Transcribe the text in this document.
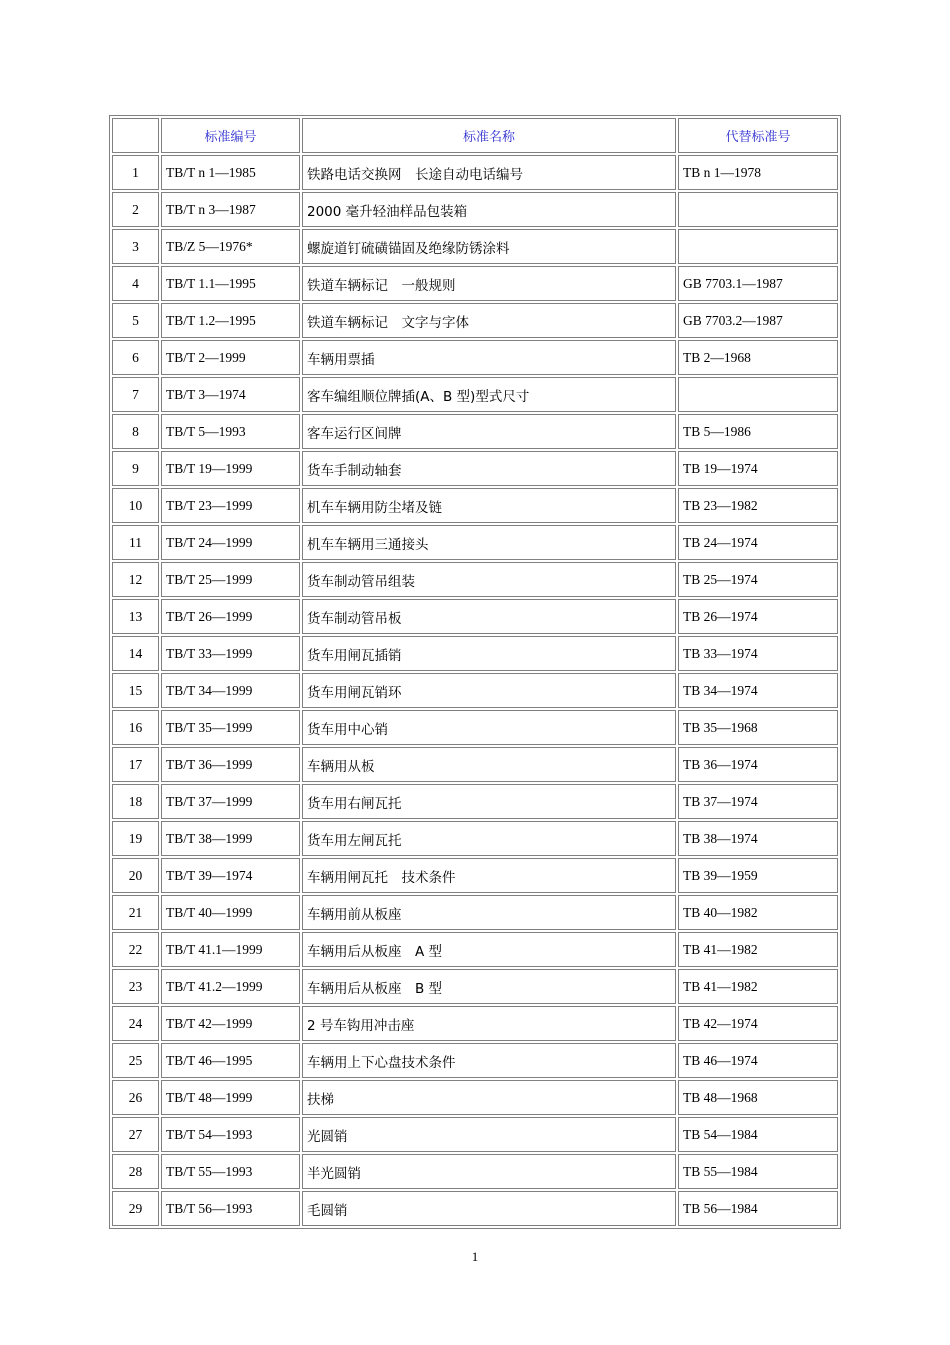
	标准编号	标准名称	代替标准号
1	TB/T n 1—1985	铁路电话交换网　长途自动电话编号	TB n 1—1978
2	TB/T n 3—1987	2000 毫升轻油样品包装箱	
3	TB/Z 5—1976*	螺旋道钉硫磺锚固及绝缘防锈涂料	
4	TB/T 1.1—1995	铁道车辆标记　一般规则	GB 7703.1—1987
5	TB/T 1.2—1995	铁道车辆标记　文字与字体	GB 7703.2—1987
6	TB/T 2—1999	车辆用票插	TB 2—1968
7	TB/T 3—1974	客车编组顺位牌插(A、B 型)型式尺寸	
8	TB/T 5—1993	客车运行区间牌	TB 5—1986
9	TB/T 19—1999	货车手制动轴套	TB 19—1974
10	TB/T 23—1999	机车车辆用防尘堵及链	TB 23—1982
11	TB/T 24—1999	机车车辆用三通接头	TB 24—1974
12	TB/T 25—1999	货车制动管吊组装	TB 25—1974
13	TB/T 26—1999	货车制动管吊板	TB 26—1974
14	TB/T 33—1999	货车用闸瓦插销	TB 33—1974
15	TB/T 34—1999	货车用闸瓦销环	TB 34—1974
16	TB/T 35—1999	货车用中心销	TB 35—1968
17	TB/T 36—1999	车辆用从板	TB 36—1974
18	TB/T 37—1999	货车用右闸瓦托	TB 37—1974
19	TB/T 38—1999	货车用左闸瓦托	TB 38—1974
20	TB/T 39—1974	车辆用闸瓦托　技术条件	TB 39—1959
21	TB/T 40—1999	车辆用前从板座	TB 40—1982
22	TB/T 41.1—1999	车辆用后从板座　A 型	TB 41—1982
23	TB/T 41.2—1999	车辆用后从板座　B 型	TB 41—1982
24	TB/T 42—1999	2 号车钩用冲击座	TB 42—1974
25	TB/T 46—1995	车辆用上下心盘技术条件	TB 46—1974
26	TB/T 48—1999	扶梯	TB 48—1968
27	TB/T 54—1993	光圆销	TB 54—1984
28	TB/T 55—1993	半光圆销	TB 55—1984
29	TB/T 56—1993	毛圆销	TB 56—1984
1
